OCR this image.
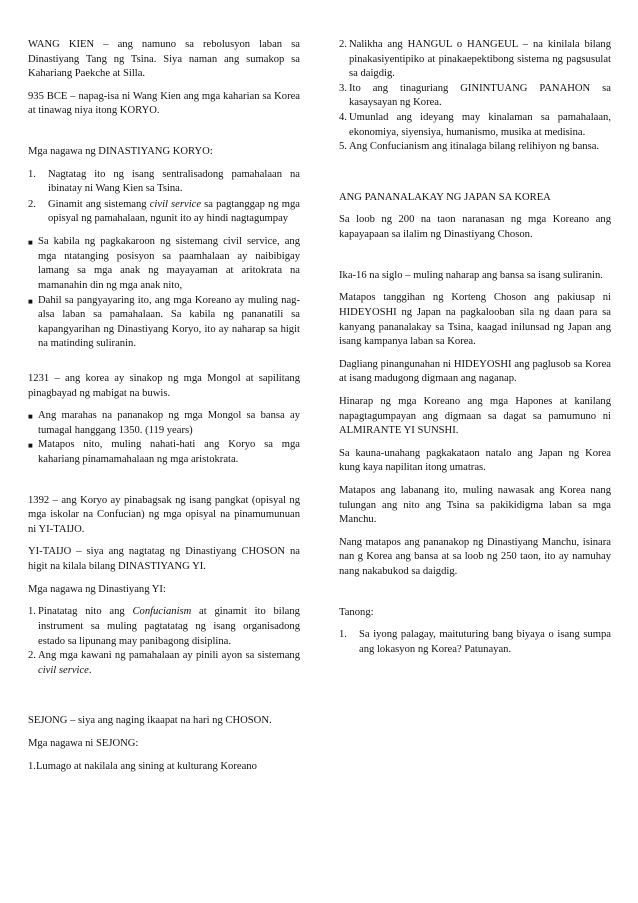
WANG KIEN – ang namuno sa rebolusyon laban sa Dinastiyang Tang ng Tsina. Siya naman ang sumakop sa Kahariang Paekche at Silla.

935 BCE – napag-isa ni Wang Kien ang mga kaharian sa Korea at tinawag niya itong KORYO.

Mga nagawa ng DINASTIYANG KORYO:

1. Nagtatag ito ng isang sentralisadong pamahalaan na ibinatay ni Wang Kien sa Tsina.
2. Ginamit ang sistemang civil service sa pagtanggap ng mga opisyal ng pamahalaan, ngunit ito ay hindi nagtagumpay
■ Sa kabila ng pagkakaroon ng sistemang civil service, ang mga ntatanging posisyon sa paamhalaan ay naibibigay lamang sa mga anak ng mayayaman at aritokrata na mamanahin din ng mga anak nito,
■ Dahil sa pangyayaring ito, ang mga Koreano ay muling nag-alsa laban sa pamahalaan. Sa kabila ng pananatili sa kapangyarihan ng Dinastiyang Koryo, ito ay naharap sa higit na matinding suliranin.

1231 – ang korea ay sinakop ng mga Mongol at sapilitang pinagbayad ng mabigat na buwis.

■ Ang marahas na pananakop ng mga Mongol sa bansa ay tumagal hanggang 1350. (119 years)
■ Matapos nito, muling nahati-hati ang Koryo sa mga kahariang pinamamahalaan ng mga aristokrata.

1392 – ang Koryo ay pinabagsak ng isang pangkat (opisyal ng mga iskolar na Confucian) ng mga opisyal na pinamumunuan ni YI-TAIJO.

YI-TAIJO – siya ang nagtatag ng Dinastiyang CHOSON na higit na kilala bilang DINASTIYANG YI.

Mga nagawa ng Dinastiyang YI:

1. Pinatatag nito ang Confucianism at ginamit ito bilang instrument sa muling pagtatatag ng isang organisadong estado sa lipunang may panibagong disiplina.
2. Ang mga kawani ng pamahalaan ay pinili ayon sa sistemang civil service.

SEJONG – siya ang naging ikaapat na hari ng CHOSON.

Mga nagawa ni SEJONG:

1.Lumago at nakilala ang sining at kulturang Koreano

2. Nalikha ang HANGUL o HANGEUL – na kinilala bilang pinakasiyentipiko at pinakaepektibong sistema ng pagsusulat sa daigdig.
3. Ito ang tinaguriang GININTUANG PANAHON sa kasaysayan ng Korea.
4. Umunlad ang ideyang may kinalaman sa pamahalaan, ekonomiya, siyensiya, humanismo, musika at medisina.
5. Ang Confucianism ang itinalaga bilang relihiyon ng bansa.

ANG PANANALAKAY NG JAPAN SA KOREA

Sa loob ng 200 na taon naranasan ng mga Koreano ang kapayapaan sa ilalim ng Dinastiyang Choson.

Ika-16 na siglo – muling naharap ang bansa sa isang suliranin.

Matapos tanggihan ng Korteng Choson ang pakiusap ni HIDEYOSHI ng Japan na pagkalooban sila ng daan para sa kanyang pananalakay sa Tsina, kaagad inilunsad ng Japan ang isang kampanya laban sa Korea.

Dagliang pinangunahan ni HIDEYOSHI ang paglusob sa Korea at isang madugong digmaan ang naganap.

Hinarap ng mga Koreano ang mga Hapones at kanilang napagtagumpayan ang digmaan sa dagat sa pamumuno ni ALMIRANTE YI SUNSHI.

Sa kauna-unahang pagkakataon natalo ang Japan ng Korea kung kaya napilitan itong umatras.

Matapos ang labanang ito, muling nawasak ang Korea nang tulungan ang nito ang Tsina sa pakikidigma laban sa mga Manchu.

Nang matapos ang pananakop ng Dinastiyang Manchu, isinara nan g Korea ang bansa at sa loob ng 250 taon, ito ay namuhay nang nakabukod sa daigdig.

Tanong:

1. Sa iyong palagay, maituturing bang biyaya o isang sumpa ang lokasyon ng Korea? Patunayan.
